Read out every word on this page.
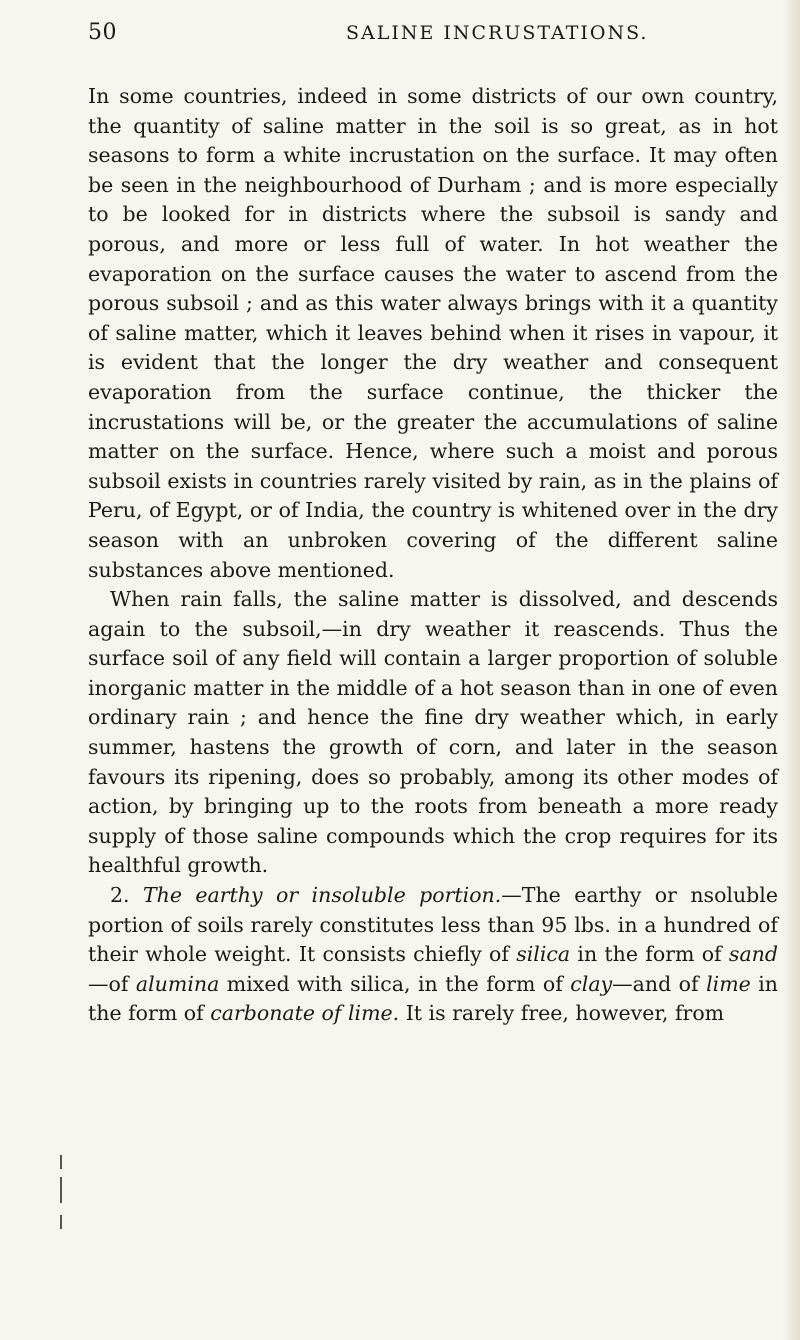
50	SALINE INCRUSTATIONS.

In some countries, indeed in some districts of our own country, the quantity of saline matter in the soil is so great, as in hot seasons to form a white incrustation on the surface. It may often be seen in the neighbourhood of Durham ; and is more especially to be looked for in districts where the subsoil is sandy and porous, and more or less full of water. In hot weather the evaporation on the surface causes the water to ascend from the porous subsoil ; and as this water always brings with it a quantity of saline matter, which it leaves behind when it rises in vapour, it is evident that the longer the dry weather and consequent evaporation from the surface continue, the thicker the incrustations will be, or the greater the accumulations of saline matter on the surface. Hence, where such a moist and porous subsoil exists in countries rarely visited by rain, as in the plains of Peru, of Egypt, or of India, the country is whitened over in the dry season with an unbroken covering of the different saline substances above mentioned.

When rain falls, the saline matter is dissolved, and descends again to the subsoil,—in dry weather it reascends. Thus the surface soil of any field will contain a larger proportion of soluble inorganic matter in the middle of a hot season than in one of even ordinary rain ; and hence the fine dry weather which, in early summer, hastens the growth of corn, and later in the season favours its ripening, does so probably, among its other modes of action, by bringing up to the roots from beneath a more ready supply of those saline compounds which the crop requires for its healthful growth.

2. The earthy or insoluble portion.—The earthy or nsoluble portion of soils rarely constitutes less than 95 lbs. in a hundred of their whole weight. It consists chiefly of silica in the form of sand—of alumina mixed with silica, in the form of clay—and of lime in the form of carbonate of lime. It is rarely free, however, from
